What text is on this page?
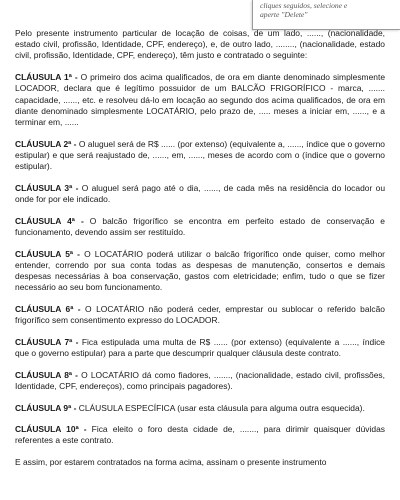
cliques seguidos, selecione e
aperte "Delete"

Pelo presente instrumento particular de locação de coisas, de um lado, ......, (nacionalidade, estado civil, profissão, Identidade, CPF, endereço), e, de outro lado, ........, (nacionalidade, estado civil, profissão, Identidade, CPF, endereço), têm justo e contratado o seguinte:

CLÁUSULA 1ª - O primeiro dos acima qualificados, de ora em diante denominado simplesmente LOCADOR, declara que é legítimo possuidor de um BALCÃO FRIGORÍFICO - marca, ....... capacidade, ......, etc. e resolveu dá-lo em locação ao segundo dos acima qualificados, de ora em diante denominado simplesmente LOCATÁRIO, pelo prazo de, ..... meses a iniciar em, ......, e a terminar em, ......

CLÁUSULA 2ª - O aluguel será de R$ ...... (por extenso) (equivalente a, ......, índice que o governo estipular) e que será reajustado de, ......, em, ......, meses de acordo com o (índice que o governo estipular).

CLÁUSULA 3ª - O aluguel será pago até o dia, ......, de cada mês na residência do locador ou onde for por ele indicado.

CLÁUSULA 4ª - O balcão frigorífico se encontra em perfeito estado de conservação e funcionamento, devendo assim ser restituído.

CLÁUSULA 5ª - O LOCATÁRIO poderá utilizar o balcão frigorífico onde quiser, como melhor entender, correndo por sua conta todas as despesas de manutenção, consertos e demais despesas necessárias à boa conservação, gastos com eletricidade; enfim, tudo o que se fizer necessário ao seu bom funcionamento.

CLÁUSULA 6ª - O LOCATÁRIO não poderá ceder, emprestar ou sublocar o referido balcão frigorífico sem consentimento expresso do LOCADOR.

CLÁUSULA 7ª - Fica estipulada uma multa de R$ ...... (por extenso) (equivalente a ......, índice que o governo estipular) para a parte que descumprir qualquer cláusula deste contrato.

CLÁUSULA 8ª - O LOCATÁRIO dá como fiadores, ......., (nacionalidade, estado civil, profissões, Identidade, CPF, endereços), como principais pagadores).

CLÁUSULA 9ª - CLÁUSULA ESPECÍFICA (usar esta cláusula para alguma outra esquecida).

CLÁUSULA 10ª - Fica eleito o foro desta cidade de, ......., para dirimir quaisquer dúvidas referentes a este contrato.

E assim, por estarem contratados na forma acima, assinam o presente instrumento
